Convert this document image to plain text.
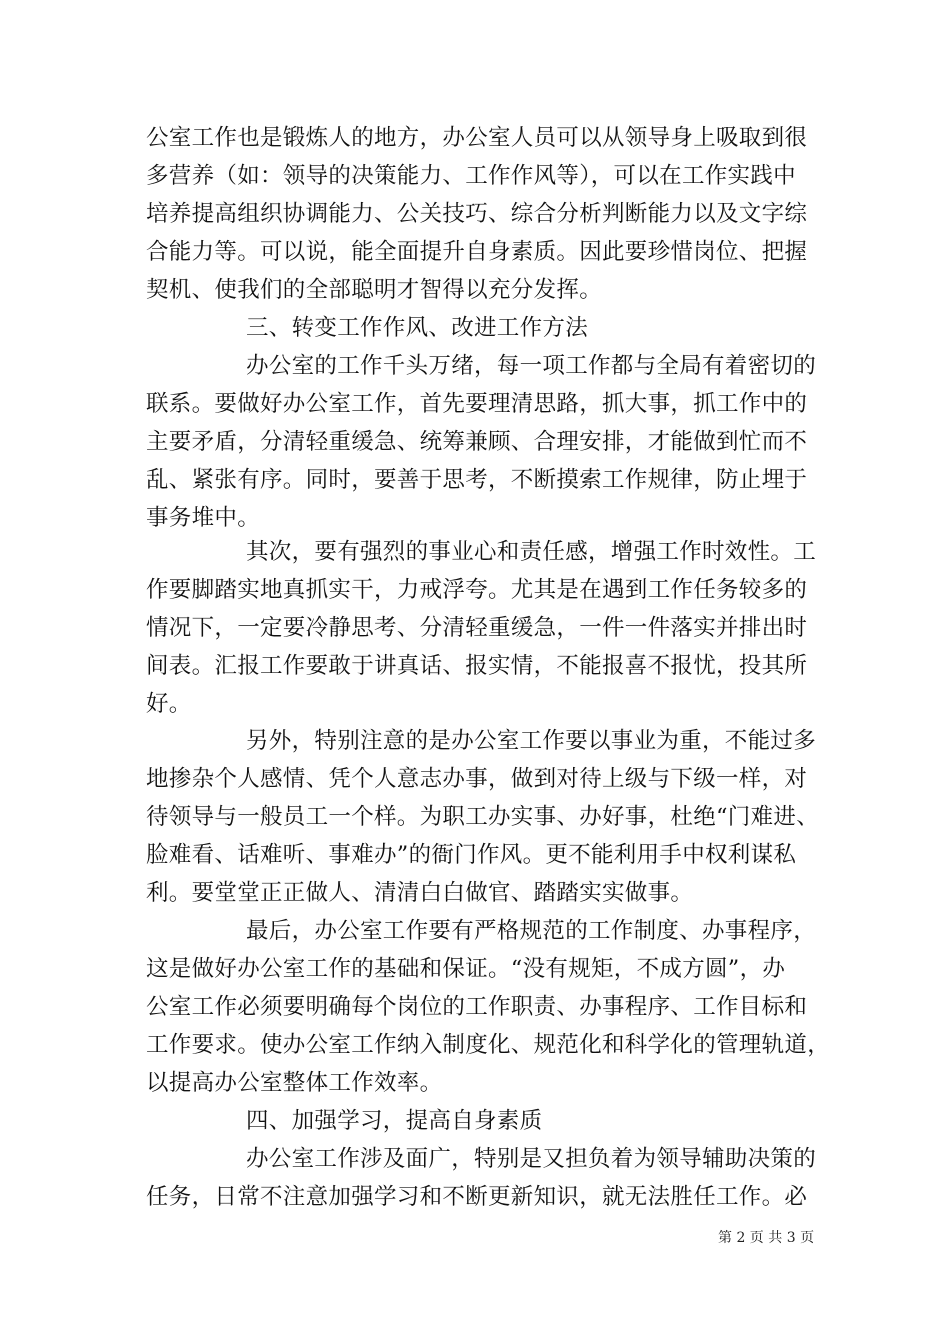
公室工作也是锻炼人的地方，办公室人员可以从领导身上吸取到很
多营养（如：领导的决策能力、工作作风等），可以在工作实践中
培养提高组织协调能力、公关技巧、综合分析判断能力以及文字综
合能力等。可以说，能全面提升自身素质。因此要珍惜岗位、把握
契机、使我们的全部聪明才智得以充分发挥。
三、转变工作作风、改进工作方法
办公室的工作千头万绪，每一项工作都与全局有着密切的
联系。要做好办公室工作，首先要理清思路，抓大事，抓工作中的
主要矛盾，分清轻重缓急、统筹兼顾、合理安排，才能做到忙而不
乱、紧张有序。同时，要善于思考，不断摸索工作规律，防止埋于
事务堆中。
其次，要有强烈的事业心和责任感，增强工作时效性。工
作要脚踏实地真抓实干，力戒浮夸。尤其是在遇到工作任务较多的
情况下，一定要冷静思考、分清轻重缓急，一件一件落实并排出时
间表。汇报工作要敢于讲真话、报实情，不能报喜不报忧，投其所
好。
另外，特别注意的是办公室工作要以事业为重，不能过多
地掺杂个人感情、凭个人意志办事，做到对待上级与下级一样，对
待领导与一般员工一个样。为职工办实事、办好事，杜绝“门难进、
脸难看、话难听、事难办”的衙门作风。更不能利用手中权利谋私
利。要堂堂正正做人、清清白白做官、踏踏实实做事。
最后，办公室工作要有严格规范的工作制度、办事程序，
这是做好办公室工作的基础和保证。“没有规矩，不成方圆”，办
公室工作必须要明确每个岗位的工作职责、办事程序、工作目标和
工作要求。使办公室工作纳入制度化、规范化和科学化的管理轨道，
以提高办公室整体工作效率。
四、加强学习，提高自身素质
办公室工作涉及面广，特别是又担负着为领导辅助决策的
任务，日常不注意加强学习和不断更新知识，就无法胜任工作。必
第 2 页 共 3 页
